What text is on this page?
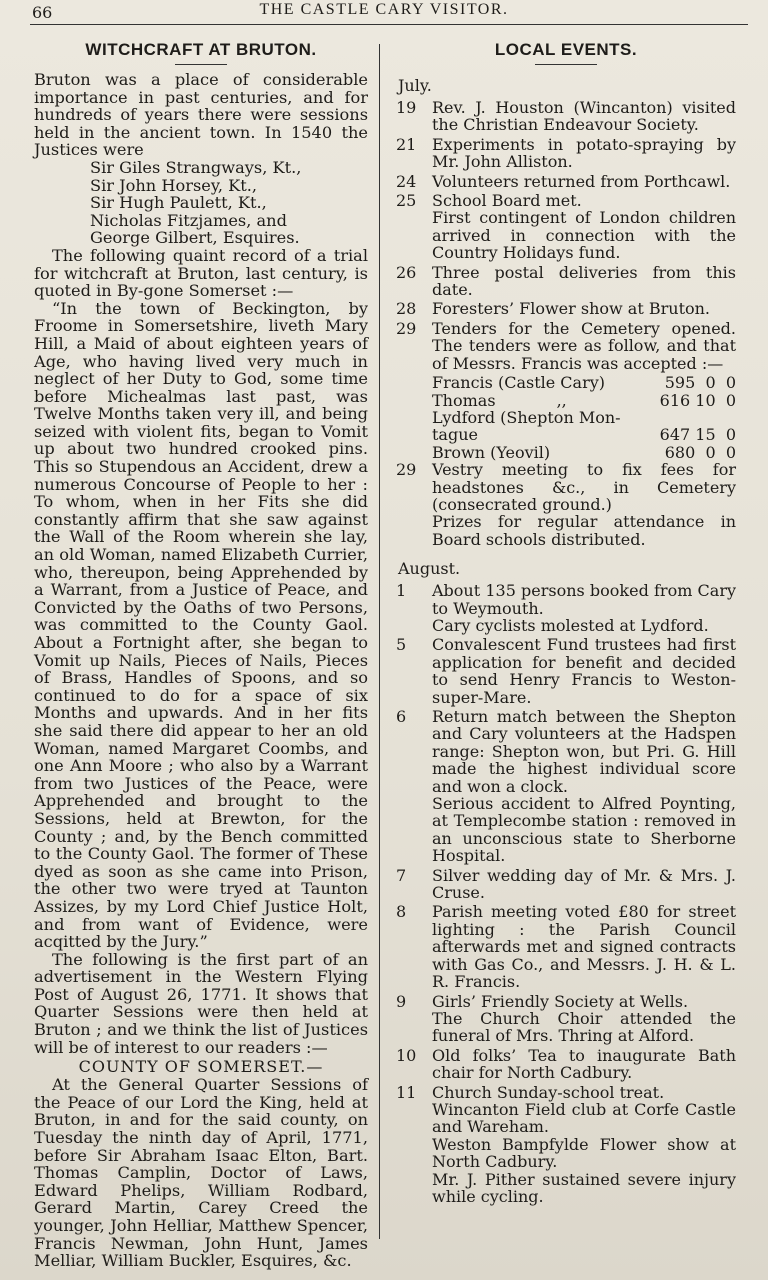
66	THE CASTLE CARY VISITOR.
WITCHCRAFT AT BRUTON.

Bruton was a place of considerable importance in past centuries, and for hundreds of years there were sessions held in the ancient town. In 1540 the Justices were

Sir Giles Strangways, Kt.,
Sir John Horsey, Kt.,
Sir Hugh Paulett, Kt.,
Nicholas Fitzjames, and
George Gilbert, Esquires.

The following quaint record of a trial for witchcraft at Bruton, last century, is quoted in By-gone Somerset :—

“In the town of Beckington, by Froome in Somersetshire, liveth Mary Hill, a Maid of about eighteen years of Age, who having lived very much in neglect of her Duty to God, some time before Michealmas last past, was Twelve Months taken very ill, and being seized with violent fits, began to Vomit up about two hundred crooked pins. This so Stupendous an Accident, drew a numerous Concourse of People to her : To whom, when in her Fits she did constantly affirm that she saw against the Wall of the Room wherein she lay, an old Woman, named Elizabeth Currier, who, thereupon, being Apprehended by a Warrant, from a Justice of Peace, and Convicted by the Oaths of two Persons, was committed to the County Gaol. About a Fortnight after, she began to Vomit up Nails, Pieces of Nails, Pieces of Brass, Handles of Spoons, and so continued to do for a space of six Months and upwards. And in her fits she said there did appear to her an old Woman, named Margaret Coombs, and one Ann Moore ; who also by a Warrant from two Justices of the Peace, were Apprehended and brought to the Sessions, held at Brewton, for the County ; and, by the Bench committed to the County Gaol. The former of These dyed as soon as she came into Prison, the other two were tryed at Taunton Assizes, by my Lord Chief Justice Holt, and from want of Evidence, were acqitted by the Jury.”

The following is the first part of an advertisement in the Western Flying Post of August 26, 1771. It shows that Quarter Sessions were then held at Bruton ; and we think the list of Justices will be of interest to our readers :—

COUNTY OF SOMERSET.—

At the General Quarter Sessions of the Peace of our Lord the King, held at Bruton, in and for the said county, on Tuesday the ninth day of April, 1771, before Sir Abraham Isaac Elton, Bart. Thomas Camplin, Doctor of Laws, Edward Phelips, William Rodbard, Gerard Martin, Carey Creed the younger, John Helliar, Matthew Spencer, Francis Newman, John Hunt, James Melliar, William Buckler, Esquires, &c.

LOCAL EVENTS.
July.
19 Rev. J. Houston (Wincanton) visited the Christian Endeavour Society.
21 Experiments in potato-spraying by Mr. John Alliston.
24 Volunteers returned from Porthcawl.
25 School Board met.
First contingent of London children arrived in connection with the Country Holidays fund.
26 Three postal deliveries from this date.
28 Foresters’ Flower show at Bruton.
29 Tenders for the Cemetery opened. The tenders were as follow, and that of Messrs. Francis was accepted :—
Francis (Castle Cary)	595  0  0
Thomas            ,,	616 10  0
Lydford (Shepton Mon-
tague	647 15  0
Brown (Yeovil)	680  0  0
29 Vestry meeting to fix fees for headstones &c., in Cemetery (consecrated ground.)
Prizes for regular attendance in Board schools distributed.
August.
1	About 135 persons booked from Cary to Weymouth.
Cary cyclists molested at Lydford.
5	Convalescent Fund trustees had first application for benefit and decided to send Henry Francis to Weston-super-Mare.
6	Return match between the Shepton and Cary volunteers at the Hadspen range: Shepton won, but Pri. G. Hill made the highest individual score and won a clock.
Serious accident to Alfred Poynting, at Templecombe station : removed in an unconscious state to Sherborne Hospital.
7	Silver wedding day of Mr. & Mrs. J. Cruse.
8	Parish meeting voted £80 for street lighting : the Parish Council afterwards met and signed contracts with Gas Co., and Messrs. J. H. & L. R. Francis.
9	Girls’ Friendly Society at Wells.
The Church Choir attended the funeral of Mrs. Thring at Alford.
10 Old folks’ Tea to inaugurate Bath chair for North Cadbury.
11 Church Sunday-school treat.
Wincanton Field club at Corfe Castle and Wareham.
Weston Bampfylde Flower show at North Cadbury.
Mr. J. Pither sustained severe injury while cycling.
